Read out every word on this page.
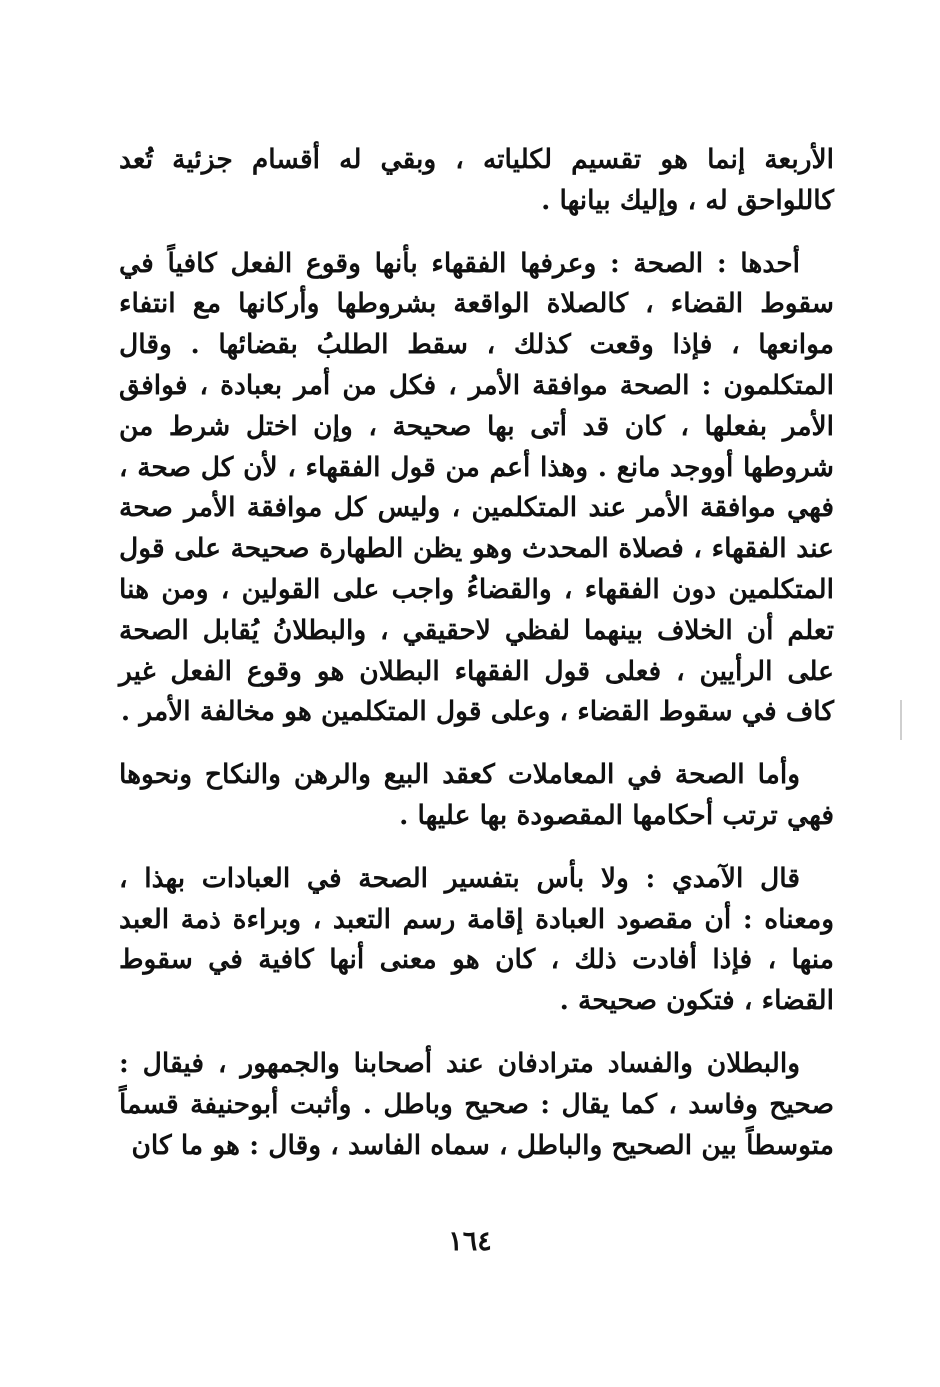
الأربعة إنما هو تقسيم لكلياته ، وبقي له أقسام جزئية تُعد كاللواحق له ، وإليك بيانها .

أحدها : الصحة : وعرفها الفقهاء بأنها وقوع الفعل كافياً في سقوط القضاء ، كالصلاة الواقعة بشروطها وأركانها مع انتفاء موانعها ، فإذا وقعت كذلك ، سقط الطلبُ بقضائها . وقال المتكلمون : الصحة موافقة الأمر ، فكل من أمر بعبادة ، فوافق الأمر بفعلها ، كان قد أتى بها صحيحة ، وإن اختل شرط من شروطها أووجد مانع . وهذا أعم من قول الفقهاء ، لأن كل صحة ، فهي موافقة الأمر عند المتكلمين ، وليس كل موافقة الأمر صحة عند الفقهاء ، فصلاة المحدث وهو يظن الطهارة صحيحة على قول المتكلمين دون الفقهاء ، والقضاءُ واجب على القولين ، ومن هنا تعلم أن الخلاف بينهما لفظي لاحقيقي ، والبطلانُ يُقابل الصحة على الرأيين ، فعلى قول الفقهاء البطلان هو وقوع الفعل غير كاف في سقوط القضاء ، وعلى قول المتكلمين هو مخالفة الأمر .

وأما الصحة في المعاملات كعقد البيع والرهن والنكاح ونحوها فهي ترتب أحكامها المقصودة بها عليها .

قال الآمدي : ولا بأس بتفسير الصحة في العبادات بهذا ، ومعناه : أن مقصود العبادة إقامة رسم التعبد ، وبراءة ذمة العبد منها ، فإذا أفادت ذلك ، كان هو معنى أنها كافية في سقوط القضاء ، فتكون صحيحة .

والبطلان والفساد مترادفان عند أصحابنا والجمهور ، فيقال : صحيح وفاسد ، كما يقال : صحيح وباطل . وأثبت أبوحنيفة قسماً متوسطاً بين الصحيح والباطل ، سماه الفاسد ، وقال : هو ما كان

١٦٤
